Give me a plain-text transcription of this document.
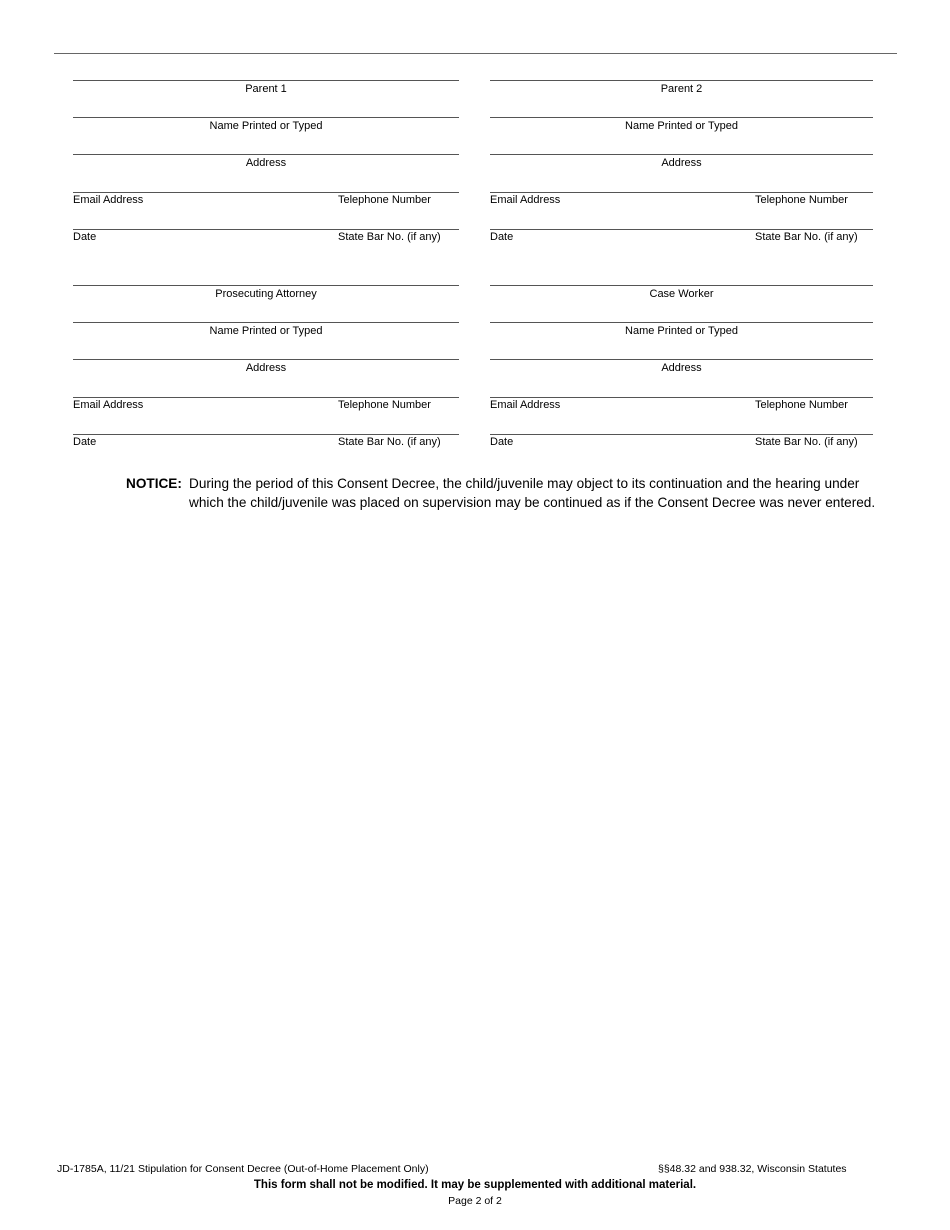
Parent 1
Name Printed or Typed
Address
Email Address	Telephone Number
Date	State Bar No. (if any)
Parent 2
Name Printed or Typed
Address
Email Address	Telephone Number
Date	State Bar No. (if any)
Prosecuting Attorney
Name Printed or Typed
Address
Email Address	Telephone Number
Date	State Bar No. (if any)
Case Worker
Name Printed or Typed
Address
Email Address	Telephone Number
Date	State Bar No. (if any)
NOTICE: During the period of this Consent Decree, the child/juvenile may object to its continuation and the hearing under which the child/juvenile was placed on supervision may be continued as if the Consent Decree was never entered.
JD-1785A, 11/21 Stipulation for Consent Decree (Out-of-Home Placement Only)	§§48.32 and 938.32, Wisconsin Statutes
This form shall not be modified. It may be supplemented with additional material.
Page 2 of 2
